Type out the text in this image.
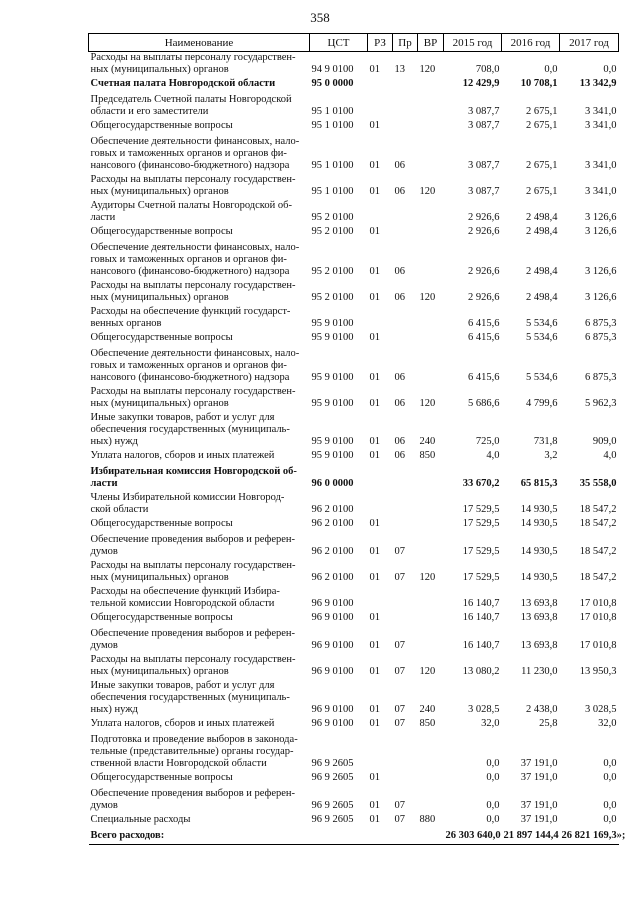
358
Наименование	ЦСТ	РЗ	Пр	ВР	2015 год	2016 год	2017 год
Расходы на выплаты персоналу государствен-
ных (муниципальных) органов	94 9 0100	01	13	120	708,0	0,0	0,0
Счетная палата Новгородской области	95 0 0000				12 429,9	10 708,1	13 342,9
Председатель Счетной палаты Новгородской
области и его заместители	95 1 0100				3 087,7	2 675,1	3 341,0
Общегосударственные вопросы	95 1 0100	01			3 087,7	2 675,1	3 341,0
Обеспечение деятельности финансовых, нало-
говых и таможенных органов и органов фи-
нансового (финансово-бюджетного) надзора	95 1 0100	01	06		3 087,7	2 675,1	3 341,0
Расходы на выплаты персоналу государствен-
ных (муниципальных) органов	95 1 0100	01	06	120	3 087,7	2 675,1	3 341,0
Аудиторы Счетной палаты Новгородской об-
ласти	95 2 0100				2 926,6	2 498,4	3 126,6
Общегосударственные вопросы	95 2 0100	01			2 926,6	2 498,4	3 126,6
Обеспечение деятельности финансовых, нало-
говых и таможенных органов и органов фи-
нансового (финансово-бюджетного) надзора	95 2 0100	01	06		2 926,6	2 498,4	3 126,6
Расходы на выплаты персоналу государствен-
ных (муниципальных) органов	95 2 0100	01	06	120	2 926,6	2 498,4	3 126,6
Расходы на обеспечение функций государст-
венных органов	95 9 0100				6 415,6	5 534,6	6 875,3
Общегосударственные вопросы	95 9 0100	01			6 415,6	5 534,6	6 875,3
Обеспечение деятельности финансовых, нало-
говых и таможенных органов и органов фи-
нансового (финансово-бюджетного) надзора	95 9 0100	01	06		6 415,6	5 534,6	6 875,3
Расходы на выплаты персоналу государствен-
ных (муниципальных) органов	95 9 0100	01	06	120	5 686,6	4 799,6	5 962,3
Иные закупки товаров, работ и услуг для
обеспечения государственных (муниципаль-
ных) нужд	95 9 0100	01	06	240	725,0	731,8	909,0
Уплата налогов, сборов и иных платежей	95 9 0100	01	06	850	4,0	3,2	4,0
Избирательная комиссия Новгородской об-
ласти	96 0 0000				33 670,2	65 815,3	35 558,0
Члены Избирательной комиссии Новгород-
ской области	96 2 0100				17 529,5	14 930,5	18 547,2
Общегосударственные вопросы	96 2 0100	01			17 529,5	14 930,5	18 547,2
Обеспечение проведения выборов и референ-
думов	96 2 0100	01	07		17 529,5	14 930,5	18 547,2
Расходы на выплаты персоналу государствен-
ных (муниципальных) органов	96 2 0100	01	07	120	17 529,5	14 930,5	18 547,2
Расходы на обеспечение функций Избира-
тельной комиссии Новгородской области	96 9 0100				16 140,7	13 693,8	17 010,8
Общегосударственные вопросы	96 9 0100	01			16 140,7	13 693,8	17 010,8
Обеспечение проведения выборов и референ-
думов	96 9 0100	01	07		16 140,7	13 693,8	17 010,8
Расходы на выплаты персоналу государствен-
ных (муниципальных) органов	96 9 0100	01	07	120	13 080,2	11 230,0	13 950,3
Иные закупки товаров, работ и услуг для
обеспечения государственных (муниципаль-
ных) нужд	96 9 0100	01	07	240	3 028,5	2 438,0	3 028,5
Уплата налогов, сборов и иных платежей	96 9 0100	01	07	850	32,0	25,8	32,0
Подготовка и проведение выборов в законода-
тельные (представительные) органы государ-
ственной власти Новгородской области	96 9 2605				0,0	37 191,0	0,0
Общегосударственные вопросы	96 9 2605	01			0,0	37 191,0	0,0
Обеспечение проведения выборов и референ-
думов	96 9 2605	01	07		0,0	37 191,0	0,0
Специальные расходы	96 9 2605	01	07	880	0,0	37 191,0	0,0
Всего расходов:					26 303 640,0	21 897 144,4	26 821 169,3»;
